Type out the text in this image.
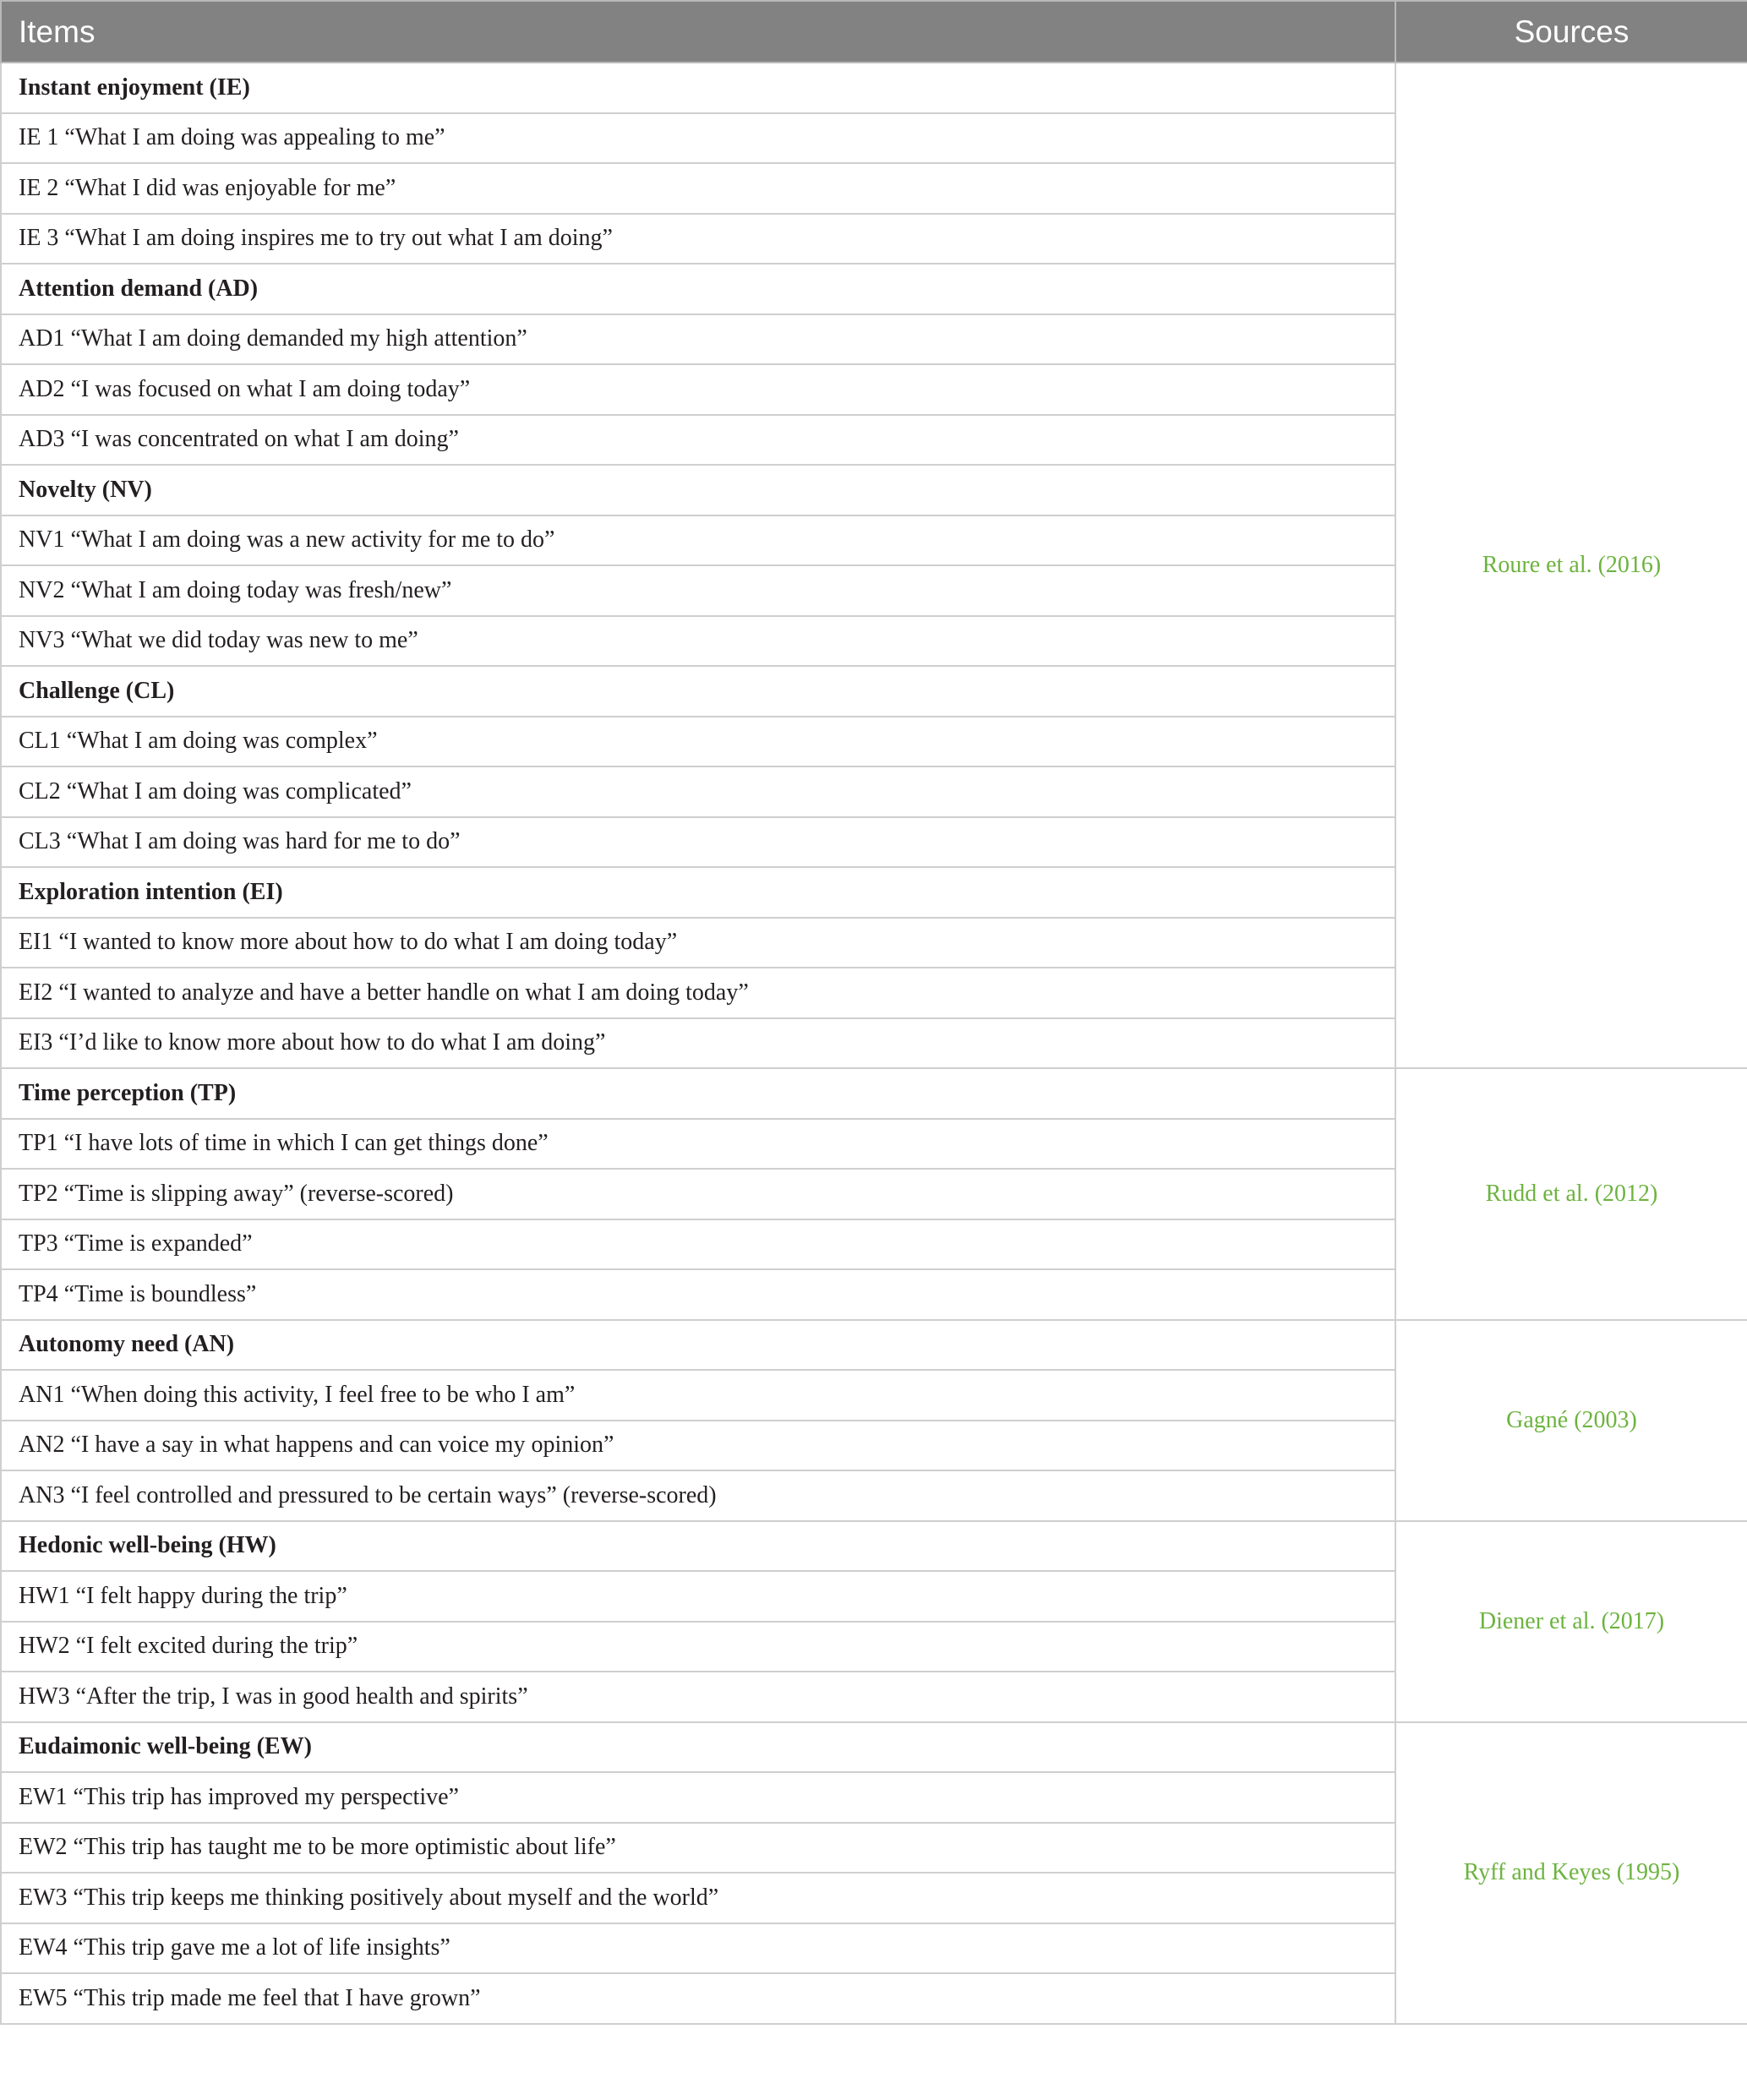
Items	Sources
Instant enjoyment (IE)	Roure et al. (2016)
IE 1 “What I am doing was appealing to me”	
IE 2 “What I did was enjoyable for me”	
IE 3 “What I am doing inspires me to try out what I am doing”	
Attention demand (AD)	
AD1 “What I am doing demanded my high attention”	
AD2 “I was focused on what I am doing today”	
AD3 “I was concentrated on what I am doing”	
Novelty (NV)	
NV1 “What I am doing was a new activity for me to do”	
NV2 “What I am doing today was fresh/new”	
NV3 “What we did today was new to me”	
Challenge (CL)	
CL1 “What I am doing was complex”	
CL2 “What I am doing was complicated”	
CL3 “What I am doing was hard for me to do”	
Exploration intention (EI)	
EI1 “I wanted to know more about how to do what I am doing today”	
EI2 “I wanted to analyze and have a better handle on what I am doing today”	
EI3 “I’d like to know more about how to do what I am doing”	
Time perception (TP)	Rudd et al. (2012)
TP1 “I have lots of time in which I can get things done”	
TP2 “Time is slipping away” (reverse-scored)	
TP3 “Time is expanded”	
TP4 “Time is boundless”	
Autonomy need (AN)	Gagné (2003)
AN1 “When doing this activity, I feel free to be who I am”	
AN2 “I have a say in what happens and can voice my opinion”	
AN3 “I feel controlled and pressured to be certain ways” (reverse-scored)	
Hedonic well-being (HW)	Diener et al. (2017)
HW1 “I felt happy during the trip”	
HW2 “I felt excited during the trip”	
HW3 “After the trip, I was in good health and spirits”	
Eudaimonic well-being (EW)	Ryff and Keyes (1995)
EW1 “This trip has improved my perspective”	
EW2 “This trip has taught me to be more optimistic about life”	
EW3 “This trip keeps me thinking positively about myself and the world”	
EW4 “This trip gave me a lot of life insights”	
EW5 “This trip made me feel that I have grown”	
